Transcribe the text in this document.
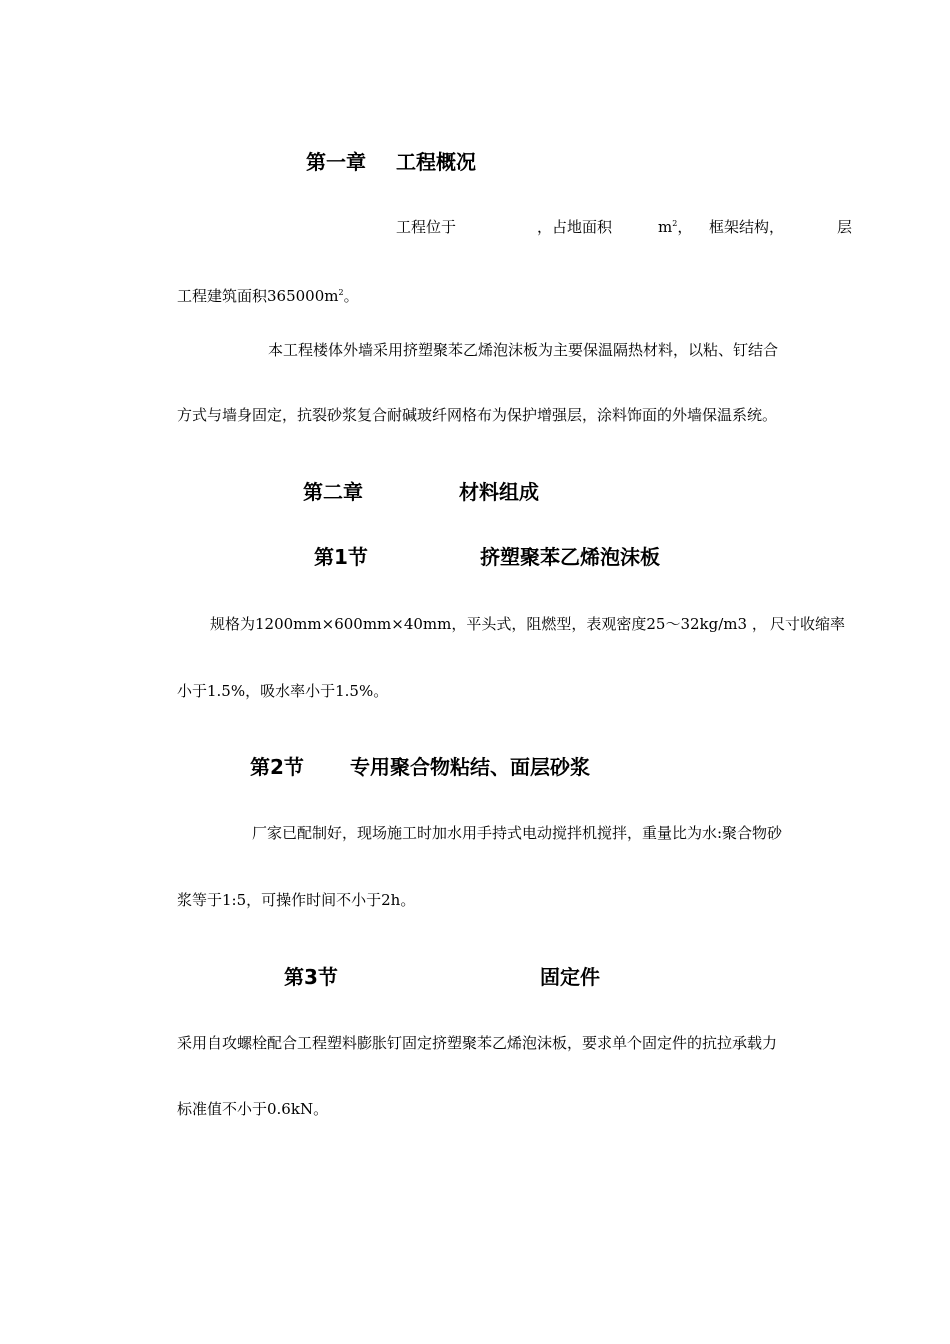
第一章 工程概况
工程位于	，占地面积	$m^2$， 框架结构，	层
工程建筑面积$365000m^2$。
本工程楼体外墙采用挤塑聚苯乙烯泡沫板为主要保温隔热材料，以粘、钉结合
方式与墙身固定，抗裂砂浆复合耐碱玻纤网格布为保护增强层，涂料饰面的外墙保温系统。
第二章	材料组成
第1节	挤塑聚苯乙烯泡沫板
规格为1200mm×600mm×40mm，平头式，阻燃型，表观密度25～32kg/m3 ， 尺寸收缩率
小于1.5%，吸水率小于1.5%。
第2节 专用聚合物粘结、面层砂浆
厂家已配制好，现场施工时加水用手持式电动搅拌机搅拌，重量比为水:聚合物砂
浆等于1:5，可操作时间不小于2h。
第3节	固定件
采用自攻螺栓配合工程塑料膨胀钉固定挤塑聚苯乙烯泡沫板，要求单个固定件的抗拉承载力
标准值不小于0.6kN。
